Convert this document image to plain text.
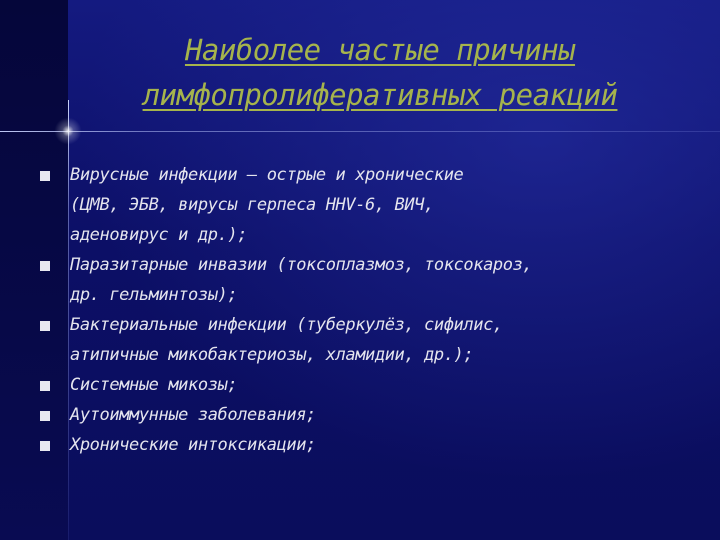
Наиболее частые причины
лимфопролиферативных реакций
Вирусные инфекции – острые и хронические
(ЦМВ, ЭБВ, вирусы герпеса HHV-6, ВИЧ,
аденовирус и др.);
Паразитарные инвазии (токсоплазмоз, токсокароз,
др. гельминтозы);
Бактериальные инфекции (туберкулёз, сифилис,
атипичные микобактериозы, хламидии, др.);
Системные микозы;
Аутоиммунные заболевания;
Хронические интоксикации;
